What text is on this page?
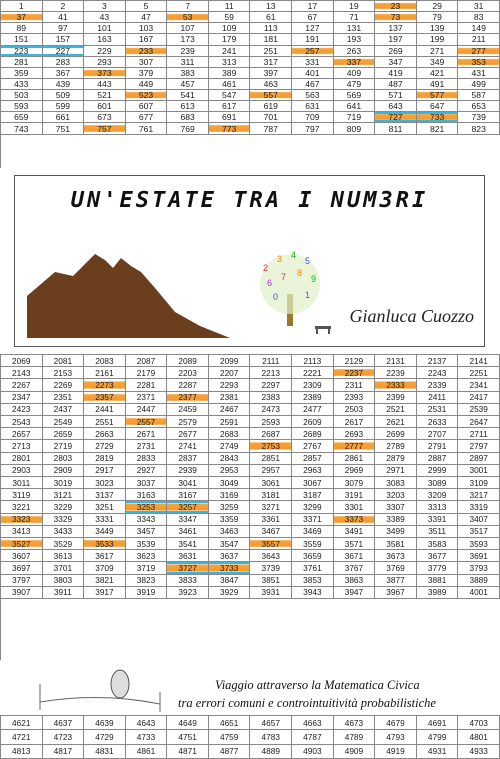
1	2	3	5	7	11	13	17	19	23	29	31
37	41	43	47	53	59	61	67	71	73	79	83
89	97	101	103	107	109	113	127	131	137	139	149
151	157	163	167	173	179	181	191	193	197	199	211
223	227	229	233	239	241	251	257	263	269	271	277
281	283	293	307	311	313	317	331	337	347	349	353
359	367	373	379	383	389	397	401	409	419	421	431
433	439	443	449	457	461	463	467	479	487	491	499
503	509	521	523	541	547	557	563	569	571	577	587
593	599	601	607	613	617	619	631	641	643	647	653
659	661	673	677	683	691	701	709	719	727	733	739
743	751	757	761	769	773	787	797	809	811	821	823
UN'ESTATE TRA I NUM3RI
2
3 4
5
6
7 8
9
0	1
Gianluca Cuozzo
2069	2081	2083	2087	2089	2099	2111	2113	2129	2131	2137	2141
2143	2153	2161	2179	2203	2207	2213	2221	2237	2239	2243	2251
2267	2269	2273	2281	2287	2293	2297	2309	2311	2333	2339	2341
2347	2351	2357	2371	2377	2381	2383	2389	2393	2399	2411	2417
2423	2437	2441	2447	2459	2467	2473	2477	2503	2521	2531	2539
2543	2549	2551	2557	2579	2591	2593	2609	2617	2621	2633	2647
2657	2659	2663	2671	2677	2683	2687	2689	2693	2699	2707	2711
2713	2719	2729	2731	2741	2749	2753	2767	2777	2789	2791	2797
2801	2803	2819	2833	2837	2843	2851	2857	2861	2879	2887	2897
2903	2909	2917	2927	2939	2953	2957	2963	2969	2971	2999	3001
3011	3019	3023	3037	3041	3049	3061	3067	3079	3083	3089	3109
3119	3121	3137	3163	3167	3169	3181	3187	3191	3203	3209	3217
3221	3229	3251	3253	3257	3259	3271	3299	3301	3307	3313	3319
3323	3329	3331	3343	3347	3359	3361	3371	3373	3389	3391	3407
3413	3433	3449	3457	3461	3463	3467	3469	3491	3499	3511	3517
3527	3529	3533	3539	3541	3547	3557	3559	3571	3581	3583	3593
3607	3613	3617	3623	3631	3637	3643	3659	3671	3673	3677	3691
3697	3701	3709	3719	3727	3733	3739	3761	3767	3769	3779	3793
3797	3803	3821	3823	3833	3847	3851	3853	3863	3877	3881	3889
3907	3911	3917	3919	3923	3929	3931	3943	3947	3967	3989	4001
Viaggio attraverso la Matematica Civica
tra errori comuni e controintuitività probabilistiche
4621	4637	4639	4643	4649	4651	4657	4663	4673	4679	4691	4703
4721	4723	4729	4733	4751	4759	4783	4787	4789	4793	4799	4801
4813	4817	4831	4861	4871	4877	4889	4903	4909	4919	4931	4933
